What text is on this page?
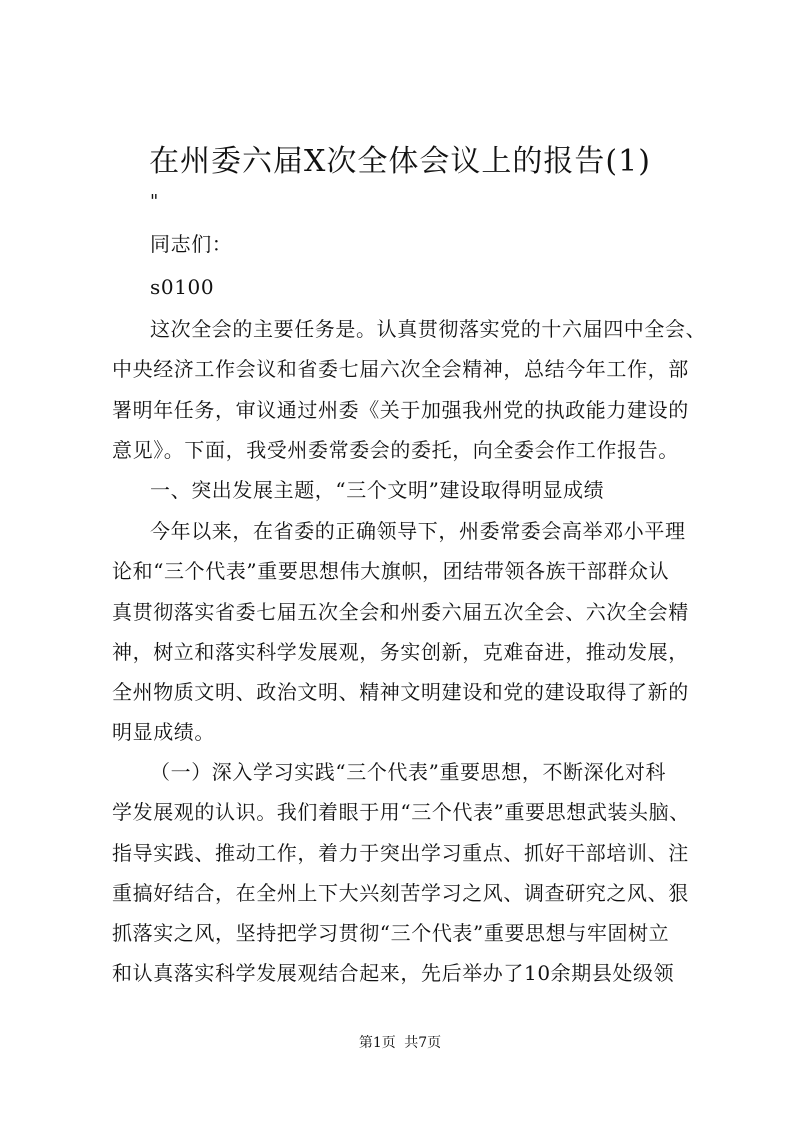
在州委六届X次全体会议上的报告(1)
"
同志们：
s0100
这次全会的主要任务是。认真贯彻落实党的十六届四中全会、
中央经济工作会议和省委七届六次全会精神，总结今年工作，部
署明年任务，审议通过州委《关于加强我州党的执政能力建设的
意见》。下面，我受州委常委会的委托，向全委会作工作报告。
一、突出发展主题，“三个文明”建设取得明显成绩
今年以来，在省委的正确领导下，州委常委会高举邓小平理
论和“三个代表”重要思想伟大旗帜，团结带领各族干部群众认
真贯彻落实省委七届五次全会和州委六届五次全会、六次全会精
神，树立和落实科学发展观，务实创新，克难奋进，推动发展，
全州物质文明、政治文明、精神文明建设和党的建设取得了新的
明显成绩。
（一）深入学习实践“三个代表”重要思想，不断深化对科
学发展观的认识。我们着眼于用“三个代表”重要思想武装头脑、
指导实践、推动工作，着力于突出学习重点、抓好干部培训、注
重搞好结合，在全州上下大兴刻苦学习之风、调查研究之风、狠
抓落实之风，坚持把学习贯彻“三个代表”重要思想与牢固树立
和认真落实科学发展观结合起来，先后举办了10余期县处级领
第1页 共7页
